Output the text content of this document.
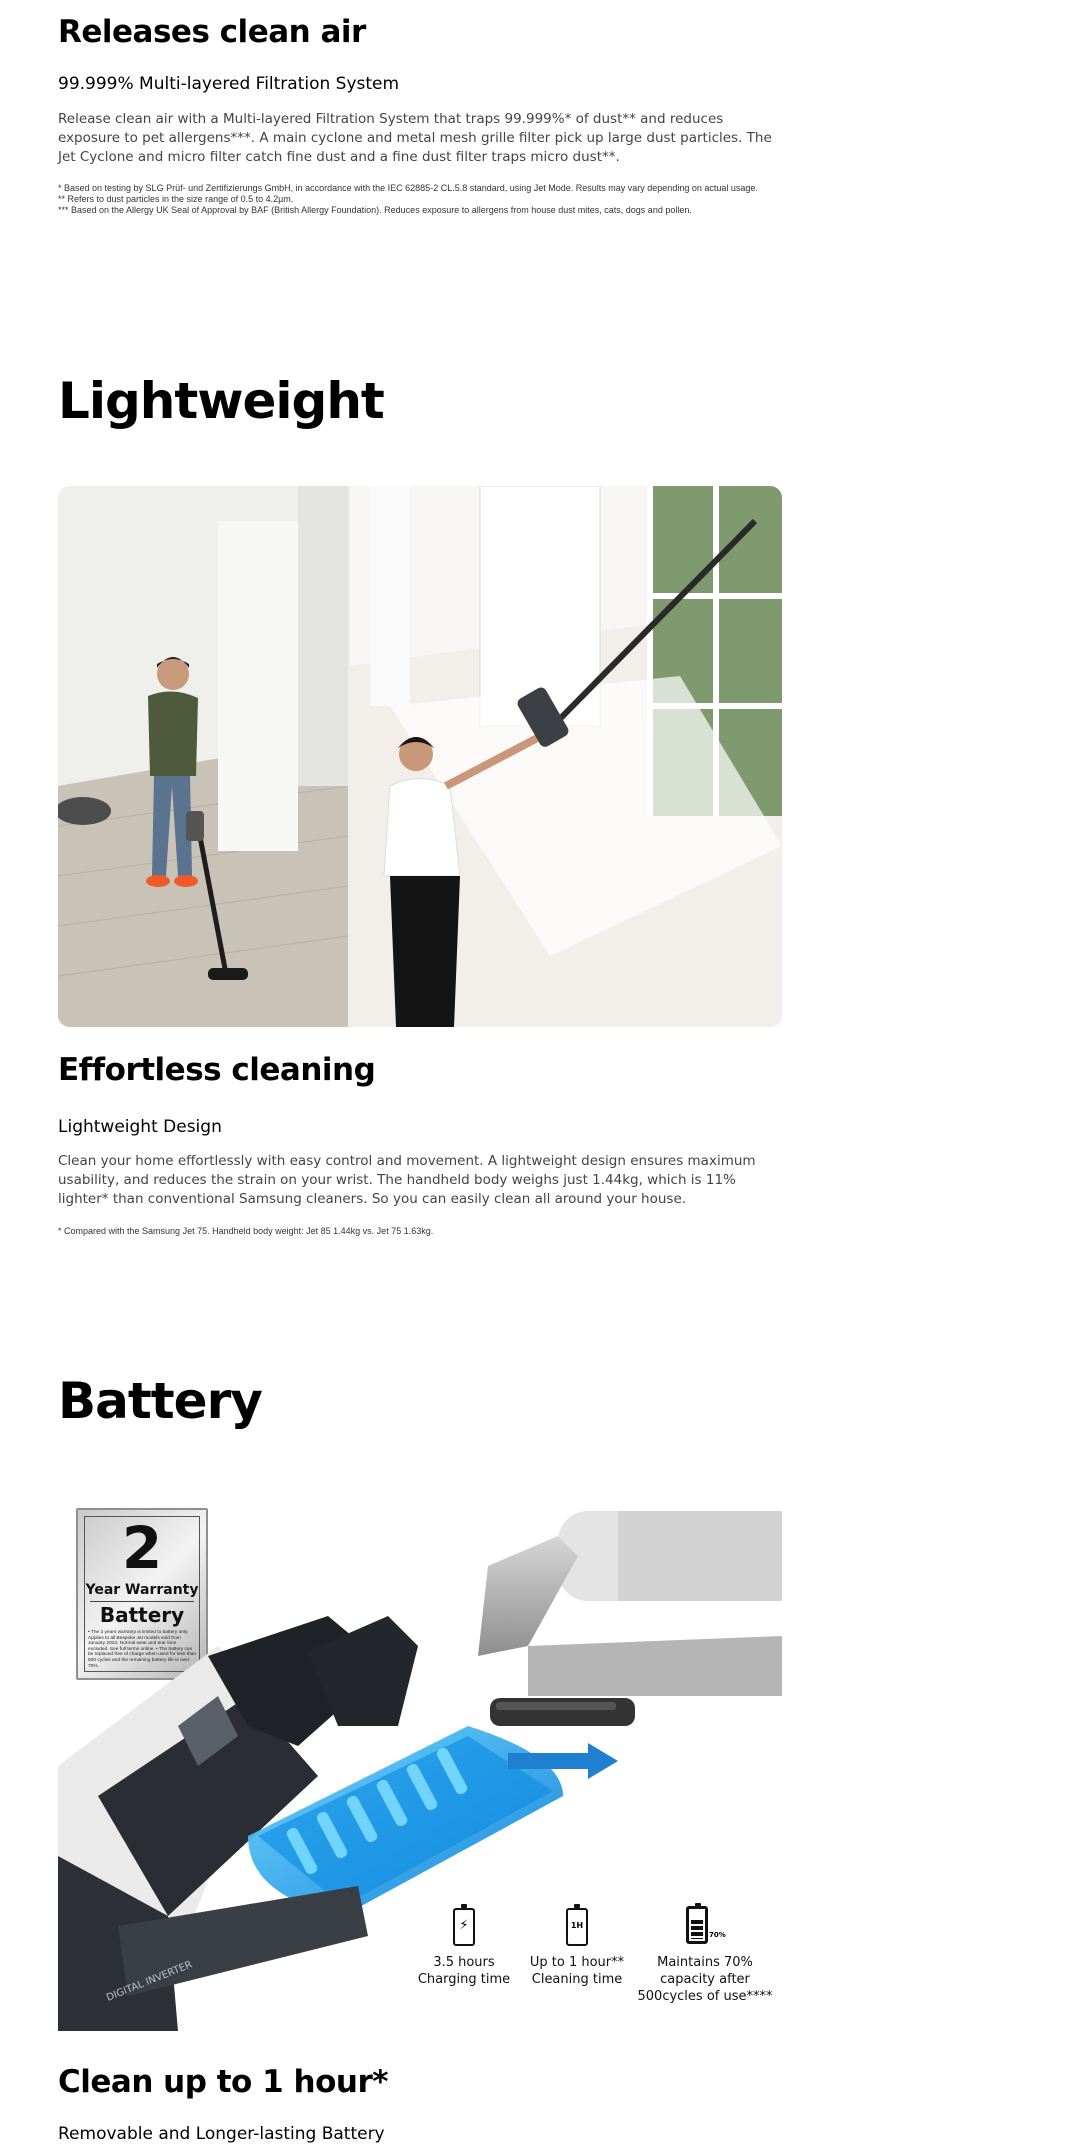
Releases clean air

99.999% Multi-layered Filtration System

Release clean air with a Multi-layered Filtration System that traps 99.999%* of dust** and reduces exposure to pet allergens***. A main cyclone and metal mesh grille filter pick up large dust particles. The Jet Cyclone and micro filter catch fine dust and a fine dust filter traps micro dust**.

* Based on testing by SLG Prüf- und Zertifizierungs GmbH, in accordance with the IEC 62885-2 CL.5.8 standard, using Jet Mode. Results may vary depending on actual usage.

** Refers to dust particles in the size range of 0.5 to 4.2µm.

*** Based on the Allergy UK Seal of Approval by BAF (British Allergy Foundation). Reduces exposure to allergens from house dust mites, cats, dogs and pollen.

Lightweight
Effortless cleaning

Lightweight Design

Clean your home effortlessly with easy control and movement. A lightweight design ensures maximum usability, and reduces the strain on your wrist. The handheld body weighs just 1.44kg, which is 11% lighter* than conventional Samsung cleaners. So you can easily clean all around your house.

* Compared with the Samsung Jet 75. Handheld body weight: Jet 85 1.44kg vs. Jet 75 1.63kg.

Battery
2
Year Warranty
Battery
• The 2 years warranty is limited to battery only. Applies to all Bespoke Jet models sold from January 2023. Normal wear and tear time excluded. See full terms online. • The battery can be replaced free of charge when used for less than 500 cycles and the remaining battery life is over 70%.
DIGITAL INVERTER
⚡
3.5 hours
Charging time
1H
Up to 1 hour**
Cleaning time
70%
Maintains 70%
capacity after
500cycles of use****
Clean up to 1 hour*

Removable and Longer-lasting Battery
